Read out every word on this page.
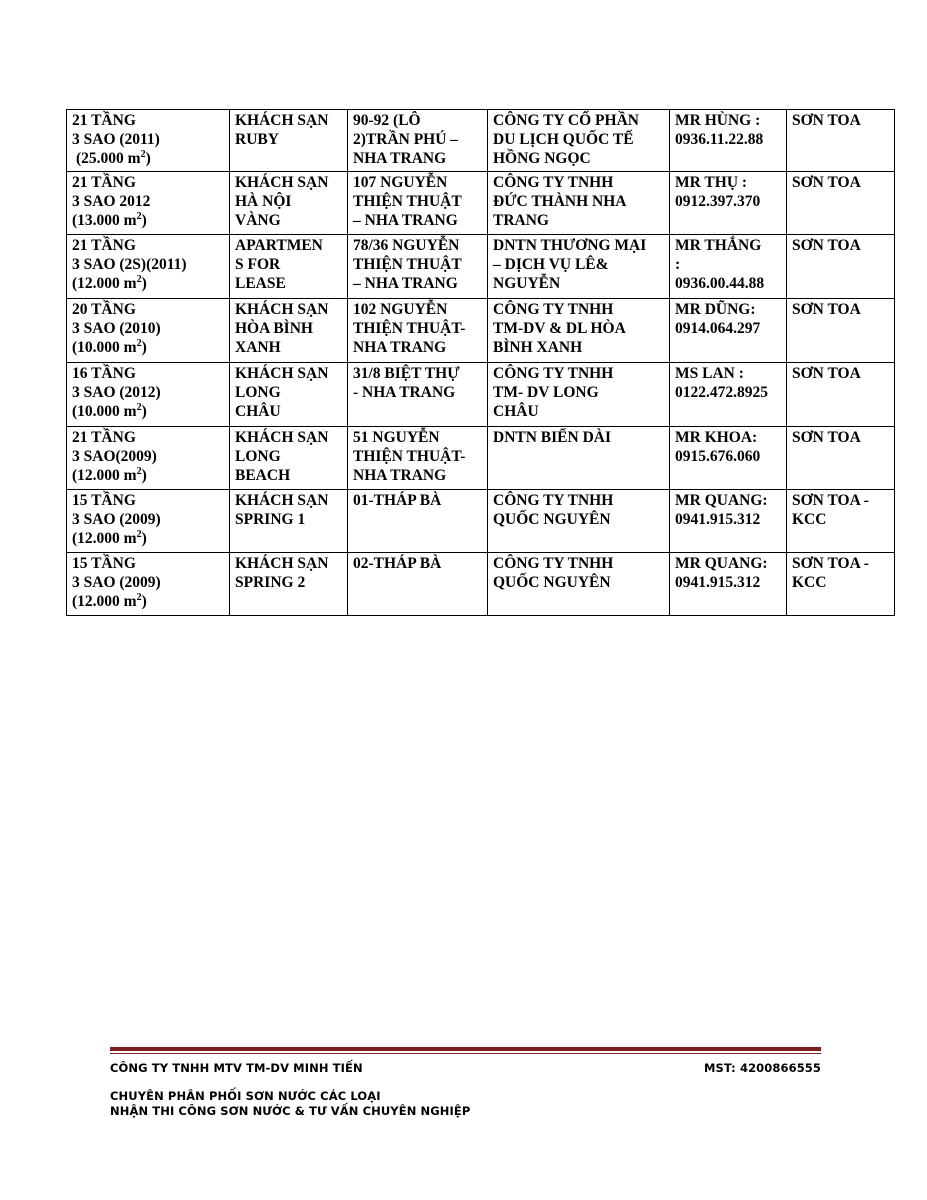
21 TẦNG
3 SAO (2011)
(25.000 $m^2$)	KHÁCH SẠN
RUBY	90-92 (LÔ
2)TRẦN PHÚ –
NHA TRANG	CÔNG TY CỔ PHẦN
DU LỊCH QUỐC TẾ
HỒNG NGỌC	MR HÙNG :
0936.11.22.88	SƠN TOA

21 TẦNG
3 SAO 2012
(13.000 $m^2$)	KHÁCH SẠN
HÀ NỘI
VÀNG	107 NGUYỄN
THIỆN THUẬT
– NHA TRANG	CÔNG TY TNHH
ĐỨC THÀNH NHA
TRANG	MR THỤ :
0912.397.370	SƠN TOA

21 TẦNG
3 SAO (2S)(2011)
(12.000 $m^2$)	APARTMEN
S FOR
LEASE	78/36 NGUYỄN
THIỆN THUẬT
– NHA TRANG	DNTN THƯƠNG MẠI
– DỊCH VỤ LÊ&
NGUYỄN	MR THẮNG
:
0936.00.44.88	SƠN TOA

20 TẦNG
3 SAO (2010)
(10.000 $m^2$)	KHÁCH SẠN
HÒA BÌNH
XANH	102 NGUYỄN
THIỆN THUẬT-
NHA TRANG	CÔNG TY TNHH
TM-DV & DL HÒA
BÌNH XANH	MR DŨNG:
0914.064.297	SƠN TOA

16 TẦNG
3 SAO (2012)
(10.000 $m^2$)	KHÁCH SẠN
LONG
CHÂU	31/8 BIỆT THỰ
- NHA TRANG	CÔNG TY TNHH
TM- DV LONG
CHÂU	MS LAN :
0122.472.8925	SƠN TOA

21 TẦNG
3 SAO(2009)
(12.000 $m^2$)	KHÁCH SẠN
LONG
BEACH	51 NGUYỄN
THIỆN THUẬT-
NHA TRANG	DNTN BIỂN DÀI	MR KHOA:
0915.676.060	SƠN TOA

15 TẦNG
3 SAO (2009)
(12.000 $m^2$)	KHÁCH SẠN
SPRING 1	01-THÁP BÀ	CÔNG TY TNHH
QUỐC NGUYÊN	MR QUANG:
0941.915.312	SƠN TOA -
KCC

15 TẦNG
3 SAO (2009)
(12.000 $m^2$)	KHÁCH SẠN
SPRING 2	02-THÁP BÀ	CÔNG TY TNHH
QUỐC NGUYÊN	MR QUANG:
0941.915.312	SƠN TOA -
KCC
CÔNG TY TNHH MTV TM-DV MINH TIẾN	MST: 4200866555
CHUYÊN PHÂN PHỐI SƠN NƯỚC CÁC LOẠI
NHẬN THI CÔNG SƠN NƯỚC & TƯ VẤN CHUYÊN NGHIỆP
